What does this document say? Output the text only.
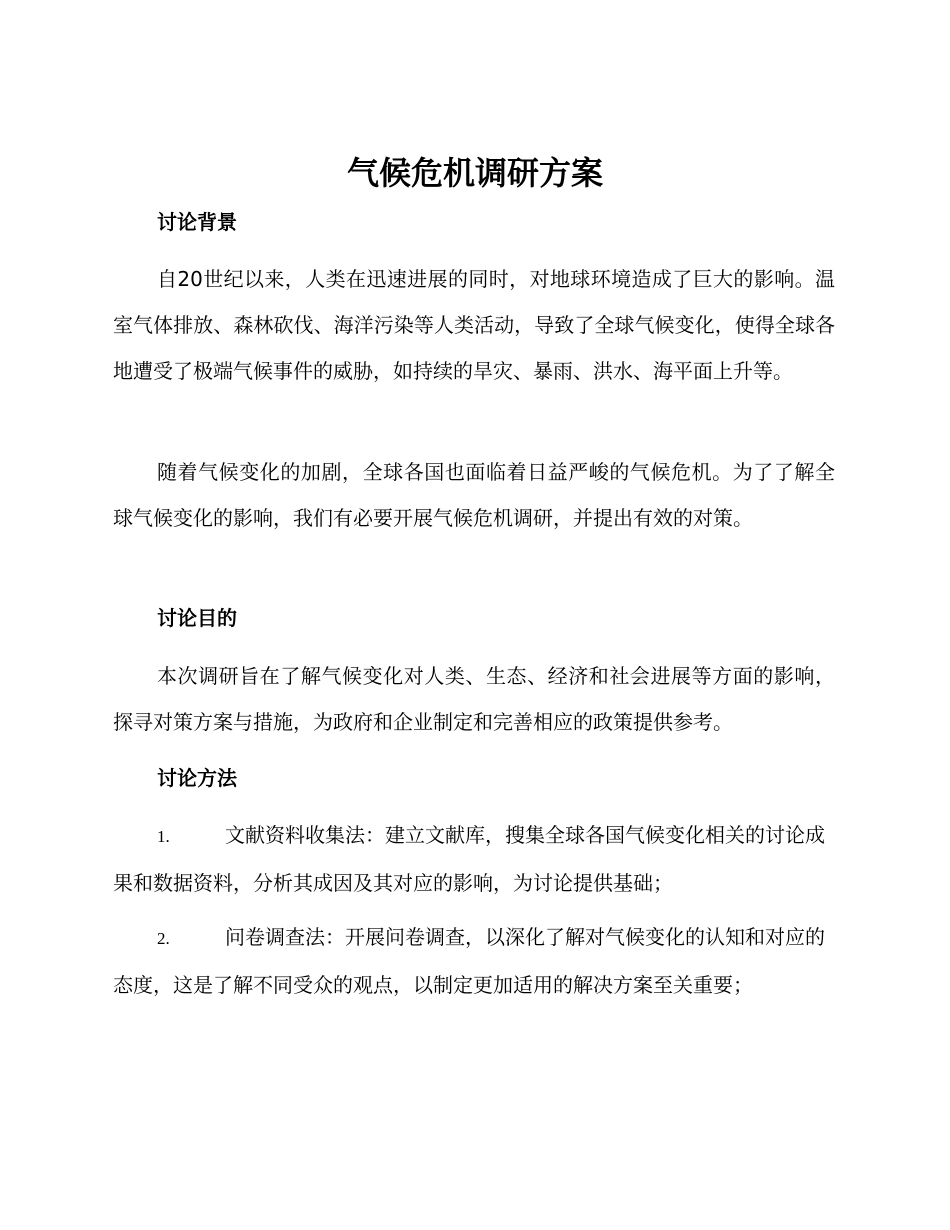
气候危机调研方案
讨论背景

自20世纪以来，人类在迅速进展的同时，对地球环境造成了巨大的影响。温室气体排放、森林砍伐、海洋污染等人类活动，导致了全球气候变化，使得全球各地遭受了极端气候事件的威胁，如持续的旱灾、暴雨、洪水、海平面上升等。

随着气候变化的加剧，全球各国也面临着日益严峻的气候危机。为了了解全球气候变化的影响，我们有必要开展气候危机调研，并提出有效的对策。

讨论目的

本次调研旨在了解气候变化对人类、生态、经济和社会进展等方面的影响，探寻对策方案与措施，为政府和企业制定和完善相应的政策提供参考。

讨论方法

1.	文献资料收集法：建立文献库，搜集全球各国气候变化相关的讨论成果和数据资料，分析其成因及其对应的影响，为讨论提供基础；

2.	问卷调查法：开展问卷调查，以深化了解对气候变化的认知和对应的态度，这是了解不同受众的观点，以制定更加适用的解决方案至关重要；
